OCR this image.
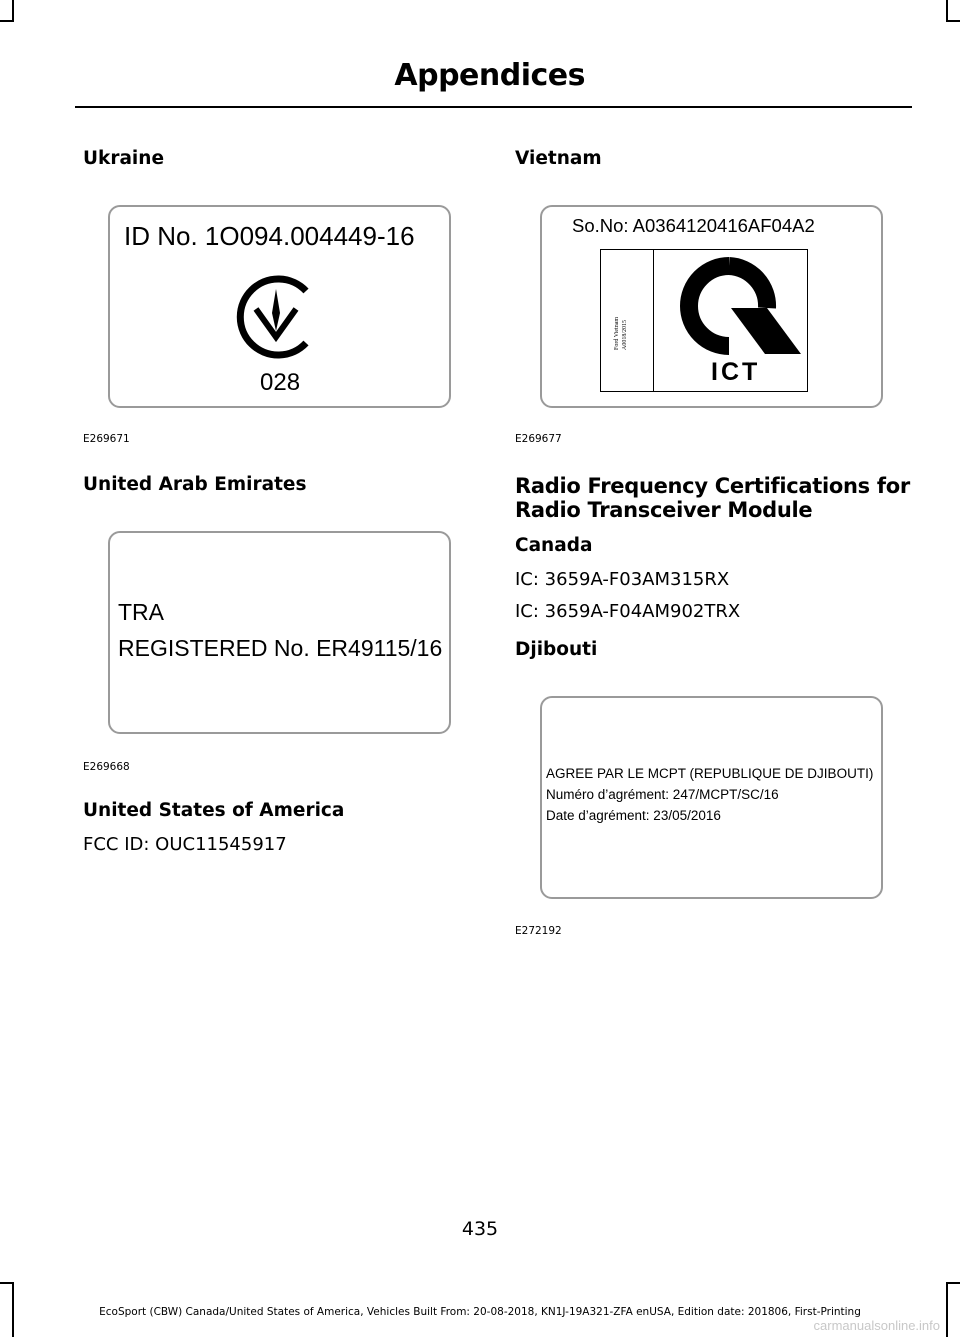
Appendices
Ukraine
ID No. 1O094.004449-16
028
E269671
United Arab Emirates
TRA
REGISTERED No. ER49115/16
E269668
United States of America
FCC ID: OUC11545917
Vietnam
So.No: A0364120416AF04A2
Ford Vietnam A0018/2015
ICT
E269677
Radio Frequency Certifications for
Radio Transceiver Module
Canada
IC: 3659A-F03AM315RX
IC: 3659A-F04AM902TRX
Djibouti
AGREE PAR LE MCPT (REPUBLIQUE DE DJIBOUTI)
Numéro d’agrément: 247/MCPT/SC/16
Date d’agrément: 23/05/2016
E272192
435
EcoSport (CBW) Canada/United States of America, Vehicles Built From: 20-08-2018, KN1J-19A321-ZFA enUSA, Edition date: 201806, First-Printing
carmanualsonline.info
